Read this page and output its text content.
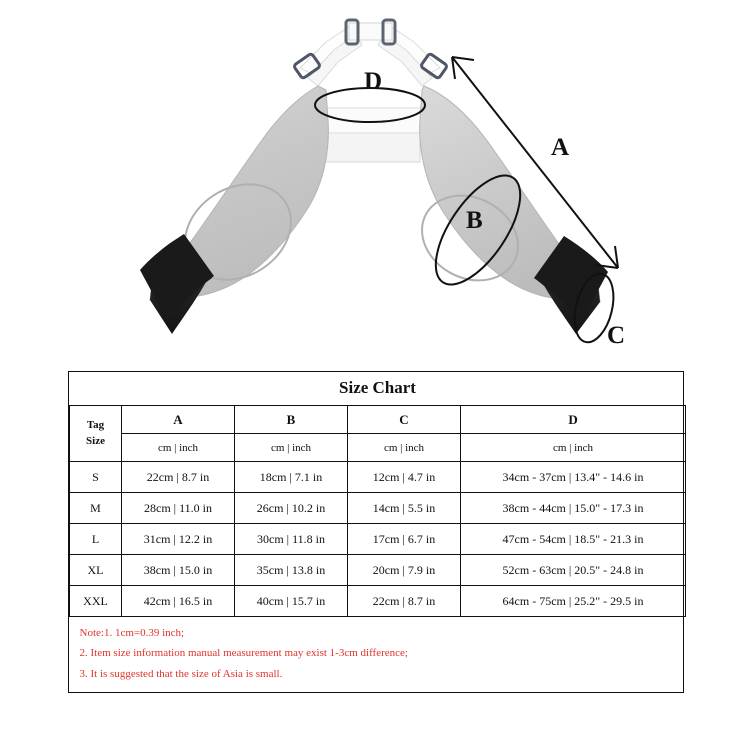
A
B
C
D
Size Chart				

Tag
Size	A	B	C	D
	cm | inch	cm | inch	cm | inch	cm | inch
S	22cm | 8.7 in	18cm | 7.1 in	12cm | 4.7 in	34cm - 37cm | 13.4" - 14.6 in
M	28cm | 11.0 in	26cm | 10.2 in	14cm | 5.5 in	38cm - 44cm | 15.0" - 17.3 in
L	31cm | 12.2 in	30cm | 11.8 in	17cm | 6.7 in	47cm - 54cm | 18.5" - 21.3 in
XL	38cm | 15.0 in	35cm | 13.8 in	20cm | 7.9 in	52cm - 63cm | 20.5" - 24.8 in
XXL	42cm | 16.5 in	40cm | 15.7 in	22cm | 8.7 in	64cm - 75cm | 25.2" - 29.5 in

Note:1. 1cm=0.39 inch;
2. Item size information manual measurement may exist 1-3cm difference;
3. It is suggested that the size of Asia is small.				
